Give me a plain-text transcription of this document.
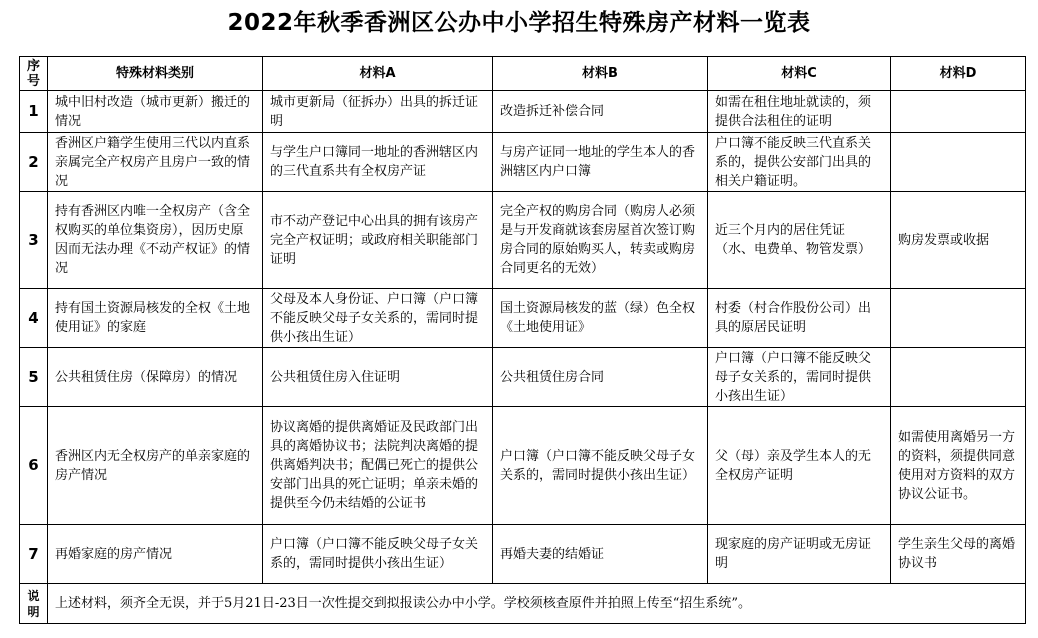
2022年秋季香洲区公办中小学招生特殊房产材料一览表
序号	特殊材料类别	材料A	材料B	材料C	材料D
1	城中旧村改造（城市更新）搬迁的情况	城市更新局（征拆办）出具的拆迁证明	改造拆迁补偿合同	如需在租住地址就读的，须提供合法租住的证明	
2	香洲区户籍学生使用三代以内直系亲属完全产权房产且房户一致的情况	与学生户口簿同一地址的香洲辖区内的三代直系共有全权房产证	与房产证同一地址的学生本人的香洲辖区内户口簿	户口簿不能反映三代直系关系的，提供公安部门出具的相关户籍证明。	
3	持有香洲区内唯一全权房产（含全权购买的单位集资房），因历史原因而无法办理《不动产权证》的情况	市不动产登记中心出具的拥有该房产完全产权证明；或政府相关职能部门证明	完全产权的购房合同（购房人必须是与开发商就该套房屋首次签订购房合同的原始购买人，转卖或购房合同更名的无效）	近三个月内的居住凭证（水、电费单、物管发票）	购房发票或收据
4	持有国土资源局核发的全权《土地使用证》的家庭	父母及本人身份证、户口簿（户口簿不能反映父母子女关系的，需同时提供小孩出生证）	国土资源局核发的蓝（绿）色全权《土地使用证》	村委（村合作股份公司）出具的原居民证明	
5	公共租赁住房（保障房）的情况	公共租赁住房入住证明	公共租赁住房合同	户口簿（户口簿不能反映父母子女关系的，需同时提供小孩出生证）	
6	香洲区内无全权房产的单亲家庭的房产情况	协议离婚的提供离婚证及民政部门出具的离婚协议书；法院判决离婚的提供离婚判决书；配偶已死亡的提供公安部门出具的死亡证明；单亲未婚的提供至今仍未结婚的公证书	户口簿（户口簿不能反映父母子女关系的，需同时提供小孩出生证）	父（母）亲及学生本人的无全权房产证明	如需使用离婚另一方的资料，须提供同意使用对方资料的双方协议公证书。
7	再婚家庭的房产情况	户口簿（户口簿不能反映父母子女关系的，需同时提供小孩出生证）	再婚夫妻的结婚证	现家庭的房产证明或无房证明	学生亲生父母的离婚协议书
说明	上述材料，须齐全无误，并于5月21日-23日一次性提交到拟报读公办中小学。学校须核查原件并拍照上传至“招生系统”。				
